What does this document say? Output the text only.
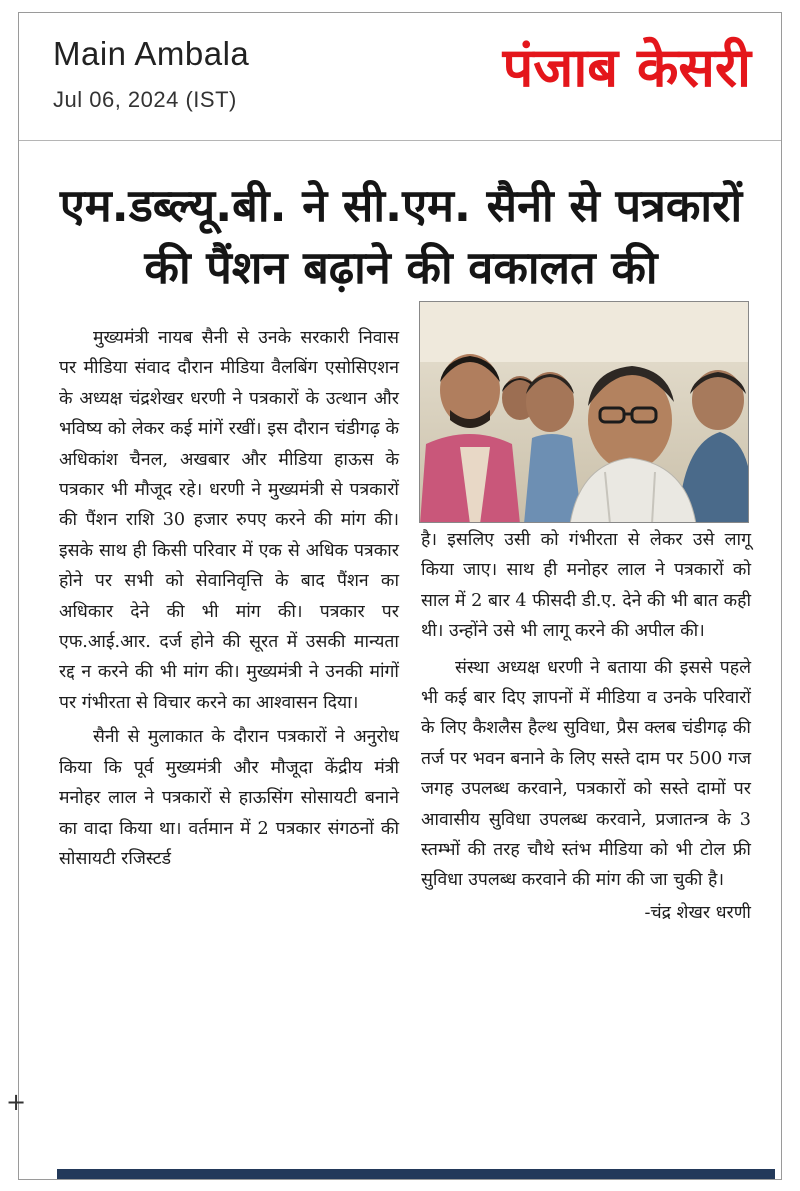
Main Ambala
Jul 06, 2024 (IST)
पंजाब केसरी
एम.डब्ल्यू.बी. ने सी.एम. सैनी से पत्रकारों
की पैंशन बढ़ाने की वकालत की

मुख्यमंत्री नायब सैनी से उनके सरकारी निवास पर मीडिया संवाद दौरान मीडिया वैलबिंग एसोसिएशन के अध्यक्ष चंद्रशेखर धरणी ने पत्रकारों के उत्थान और भविष्य को लेकर कई मांगें रखीं। इस दौरान चंडीगढ़ के अधिकांश चैनल, अखबार और मीडिया हाऊस के पत्रकार भी मौजूद रहे। धरणी ने मुख्यमंत्री से पत्रकारों की पैंशन राशि 30 हजार रुपए करने की मांग की। इसके साथ ही किसी परिवार में एक से अधिक पत्रकार होने पर सभी को सेवानिवृत्ति के बाद पैंशन का अधिकार देने की भी मांग की। पत्रकार पर एफ.आई.आर. दर्ज होने की सूरत में उसकी मान्यता रद्द न करने की भी मांग की। मुख्यमंत्री ने उनकी मांगों पर गंभीरता से विचार करने का आश्वासन दिया।

सैनी से मुलाकात के दौरान पत्रकारों ने अनुरोध किया कि पूर्व मुख्यमंत्री और मौजूदा केंद्रीय मंत्री मनोहर लाल ने पत्रकारों से हाऊसिंग सोसायटी बनाने का वादा किया था। वर्तमान में 2 पत्रकार संगठनों की सोसायटी रजिस्टर्ड

है। इसलिए उसी को गंभीरता से लेकर उसे लागू किया जाए। साथ ही मनोहर लाल ने पत्रकारों को साल में 2 बार 4 फीसदी डी.ए. देने की भी बात कही थी। उन्होंने उसे भी लागू करने की अपील की।

संस्था अध्यक्ष धरणी ने बताया की इससे पहले भी कई बार दिए ज्ञापनों में मीडिया व उनके परिवारों के लिए कैशलैस हैल्थ सुविधा, प्रैस क्लब चंडीगढ़ की तर्ज पर भवन बनाने के लिए सस्ते दाम पर 500 गज जगह उपलब्ध करवाने, पत्रकारों को सस्ते दामों पर आवासीय सुविधा उपलब्ध करवाने, प्रजातन्त्र के 3 स्तम्भों की तरह चौथे स्तंभ मीडिया को भी टोल फ्री सुविधा उपलब्ध करवाने की मांग की जा चुकी है।

-चंद्र शेखर धरणी

+
